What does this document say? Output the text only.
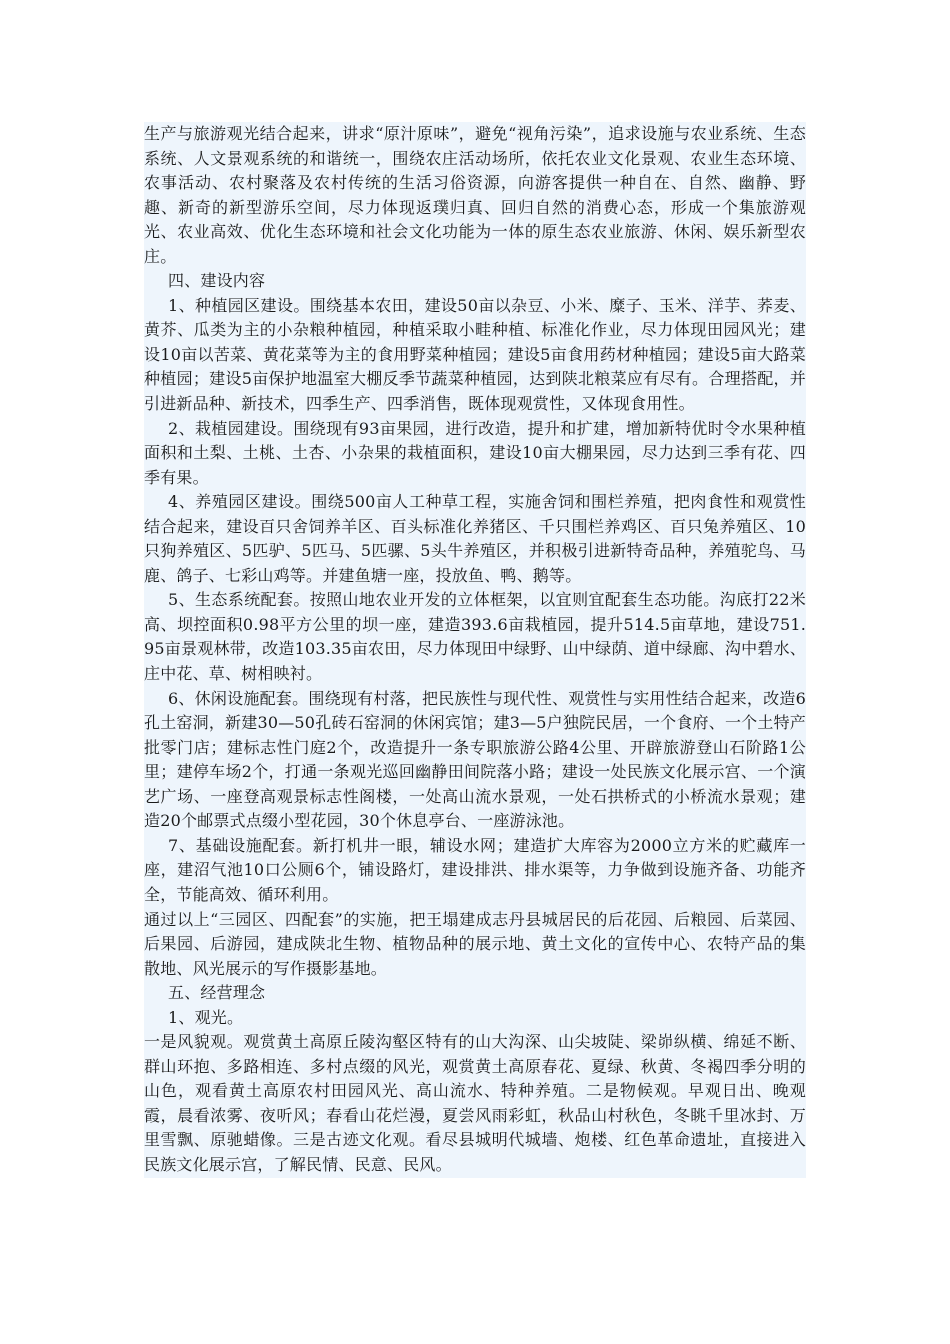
生产与旅游观光结合起来，讲求“原汁原味”，避免“视角污染”，追求设施与农业系统、生态系统、人文景观系统的和谐统一，围绕农庄活动场所，依托农业文化景观、农业生态环境、农事活动、农村聚落及农村传统的生活习俗资源，向游客提供一种自在、自然、幽静、野趣、新奇的新型游乐空间，尽力体现返璞归真、回归自然的消费心态，形成一个集旅游观光、农业高效、优化生态环境和社会文化功能为一体的原生态农业旅游、休闲、娱乐新型农庄。

四、建设内容

1、种植园区建设。围绕基本农田，建设50亩以杂豆、小米、糜子、玉米、洋芋、荞麦、黄芥、瓜类为主的小杂粮种植园，种植采取小畦种植、标准化作业，尽力体现田园风光；建设10亩以苦菜、黄花菜等为主的食用野菜种植园；建设5亩食用药材种植园；建设5亩大路菜种植园；建设5亩保护地温室大棚反季节蔬菜种植园，达到陕北粮菜应有尽有。合理搭配，并引进新品种、新技术，四季生产、四季消售，既体现观赏性，又体现食用性。

2、栽植园建设。围绕现有93亩果园，进行改造，提升和扩建，增加新特优时令水果种植面积和土梨、土桃、土杏、小杂果的栽植面积，建设10亩大棚果园，尽力达到三季有花、四季有果。

4、养殖园区建设。围绕500亩人工种草工程，实施舍饲和围栏养殖，把肉食性和观赏性结合起来，建设百只舍饲养羊区、百头标准化养猪区、千只围栏养鸡区、百只兔养殖区、10只狗养殖区、5匹驴、5匹马、5匹骡、5头牛养殖区，并积极引进新特奇品种，养殖驼鸟、马鹿、鸽子、七彩山鸡等。并建鱼塘一座，投放鱼、鸭、鹅等。

5、生态系统配套。按照山地农业开发的立体框架，以宜则宜配套生态功能。沟底打22米高、坝控面积0.98平方公里的坝一座，建造393.6亩栽植园，提升514.5亩草地，建设751.95亩景观林带，改造103.35亩农田，尽力体现田中绿野、山中绿荫、道中绿廊、沟中碧水、庄中花、草、树相映衬。

6、休闲设施配套。围绕现有村落，把民族性与现代性、观赏性与实用性结合起来，改造6孔土窑洞，新建30—50孔砖石窑洞的休闲宾馆；建3—5户独院民居，一个食府、一个土特产批零门店；建标志性门庭2个，改造提升一条专职旅游公路4公里、开辟旅游登山石阶路1公里；建停车场2个，打通一条观光巡回幽静田间院落小路；建设一处民族文化展示宫、一个演艺广场、一座登高观景标志性阁楼，一处高山流水景观，一处石拱桥式的小桥流水景观；建造20个邮票式点缀小型花园，30个休息亭台、一座游泳池。

7、基础设施配套。新打机井一眼，辅设水网；建造扩大库容为2000立方米的贮藏库一座，建沼气池10口公厕6个，铺设路灯，建设排洪、排水渠等，力争做到设施齐备、功能齐全，节能高效、循环利用。

通过以上“三园区、四配套”的实施，把王塌建成志丹县城居民的后花园、后粮园、后菜园、后果园、后游园，建成陕北生物、植物品种的展示地、黄土文化的宣传中心、农特产品的集散地、风光展示的写作摄影基地。

五、经营理念

1、观光。

一是风貌观。观赏黄土高原丘陵沟壑区特有的山大沟深、山尖坡陡、梁峁纵横、绵延不断、群山环抱、多路相连、多村点缀的风光，观赏黄土高原春花、夏绿、秋黄、冬褐四季分明的山色，观看黄土高原农村田园风光、高山流水、特种养殖。二是物候观。早观日出、晚观霞，晨看浓雾、夜听风；春看山花烂漫，夏尝风雨彩虹，秋品山村秋色，冬眺千里冰封、万里雪飘、原驰蜡像。三是古迹文化观。看尽县城明代城墙、炮楼、红色革命遗址，直接进入民族文化展示宫，了解民情、民意、民风。
